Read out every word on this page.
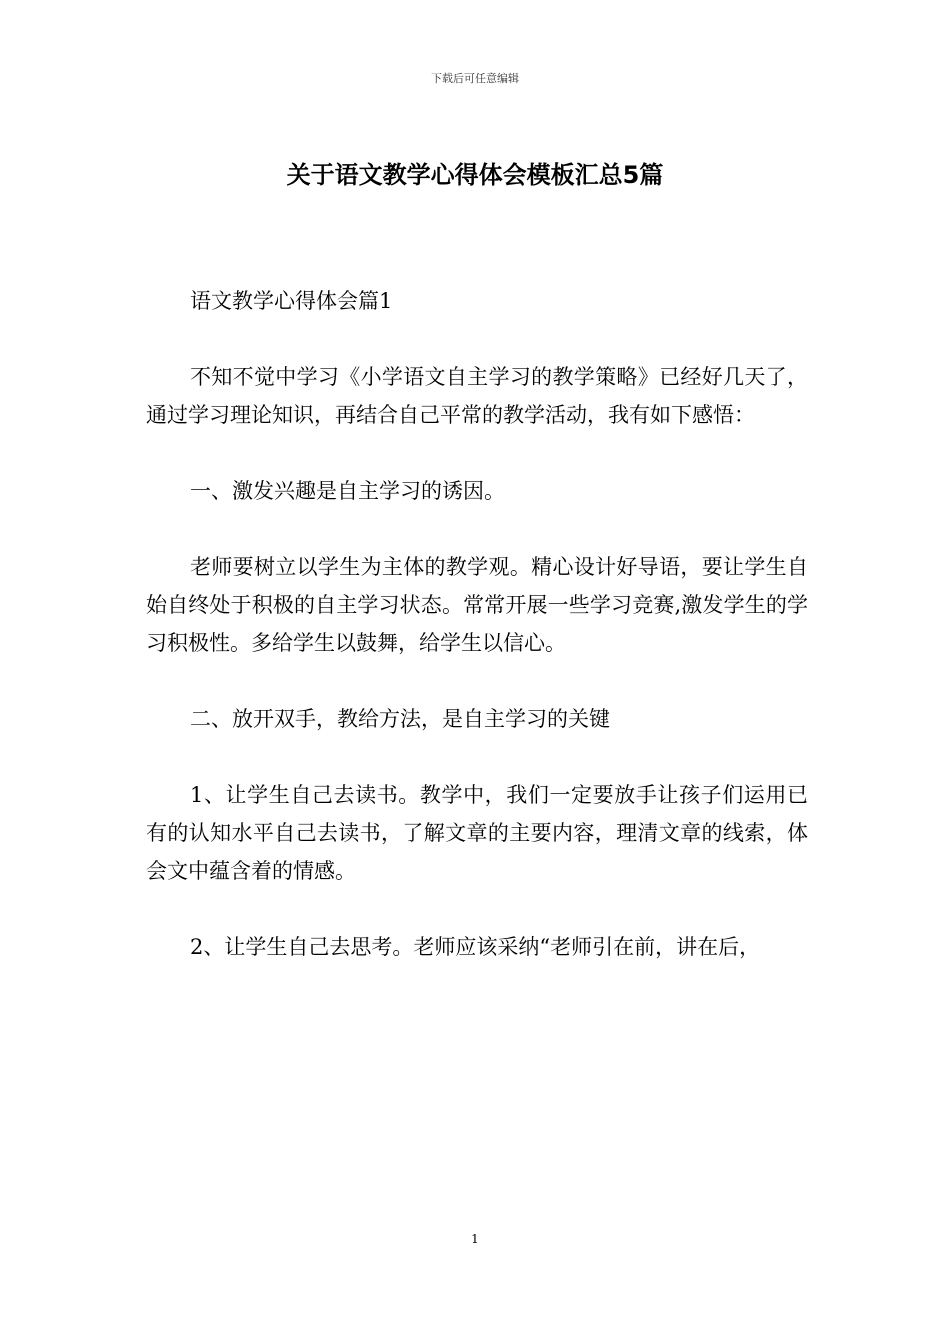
下载后可任意编辑
关于语文教学心得体会模板汇总5篇

语文教学心得体会篇1

不知不觉中学习《小学语文自主学习的教学策略》已经好几天了，通过学习理论知识，再结合自己平常的教学活动，我有如下感悟：

一、激发兴趣是自主学习的诱因。

老师要树立以学生为主体的教学观。精心设计好导语，要让学生自始自终处于积极的自主学习状态。常常开展一些学习竞赛,激发学生的学习积极性。多给学生以鼓舞，给学生以信心。

二、放开双手，教给方法，是自主学习的关键

1、让学生自己去读书。教学中，我们一定要放手让孩子们运用已有的认知水平自己去读书，了解文章的主要内容，理清文章的线索，体会文中蕴含着的情感。

2、让学生自己去思考。老师应该采纳“老师引在前，讲在后，

1
